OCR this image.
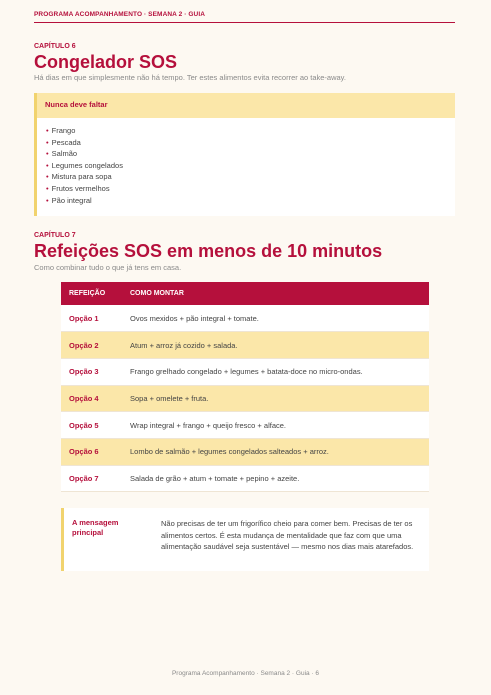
PROGRAMA ACOMPANHAMENTO · SEMANA 2 · GUIA
CAPÍTULO 6
Congelador SOS
Há dias em que simplesmente não há tempo. Ter estes alimentos evita recorrer ao take-away.
Nunca deve faltar
• Frango
• Pescada
• Salmão
• Legumes congelados
• Mistura para sopa
• Frutos vermelhos
• Pão integral
CAPÍTULO 7
Refeições SOS em menos de 10 minutos
Como combinar tudo o que já tens em casa.
REFEIÇÃO	COMO MONTAR
Opção 1	Ovos mexidos + pão integral + tomate.
Opção 2	Atum + arroz já cozido + salada.
Opção 3	Frango grelhado congelado + legumes + batata-doce no micro-ondas.
Opção 4	Sopa + omelete + fruta.
Opção 5	Wrap integral + frango + queijo fresco + alface.
Opção 6	Lombo de salmão + legumes congelados salteados + arroz.
Opção 7	Salada de grão + atum + tomate + pepino + azeite.
A mensagem principal
Não precisas de ter um frigorífico cheio para comer bem. Precisas de ter os alimentos certos. É esta mudança de mentalidade que faz com que uma alimentação saudável seja sustentável — mesmo nos dias mais atarefados.
Programa Acompanhamento · Semana 2 · Guia · 6
